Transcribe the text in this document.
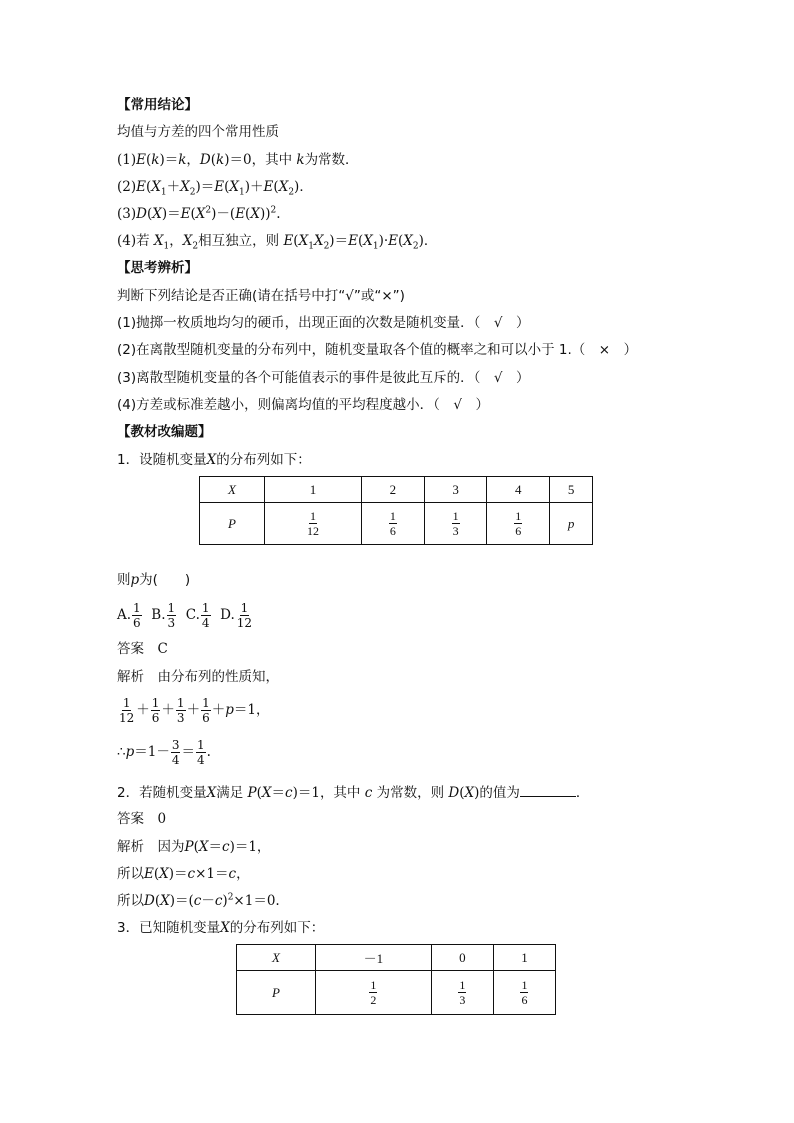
【常用结论】
均值与方差的四个常用性质
(1)E(k)＝k，D(k)＝0，其中 k为常数．
$(2)E(X_1+X_2)=E(X_1)+E(X_2)$．
$(3)D(X)=E(X^2)-(E(X))^2$.
(4)若 $X_1$，$X_2$相互独立，则 $E(X_1X_2)=E(X_1)\cdot E(X_2)$．
【思考辨析】
判断下列结论是否正确(请在括号中打“√”或“×”)
(1)抛掷一枚质地均匀的硬币，出现正面的次数是随机变量．（　√　）
(2)在离散型随机变量的分布列中，随机变量取各个值的概率之和可以小于 1.（　×　）
(3)离散型随机变量的各个可能值表示的事件是彼此互斥的．（　√　）
(4)方差或标准差越小，则偏离均值的平均程度越小．（　√　）
【教材改编题】
1．设随机变量X的分布列如下：
X	1	2	3	4	5
P	$\frac{1}{12}$	$\frac{1}{6}$	$\frac{1}{3}$	$\frac{1}{6}$	p
则p为(　　)
A. $\frac{1}{6} B$. $\frac{1}{3} C$. $\frac{1}{4} D$. $\frac{1}{12}$
答案　 C
解析　 由分布列的性质知，
$\frac{1}{12} + \frac{1}{6} + \frac{1}{3} + \frac{1}{6} +p=1$，
∴p＝1－ $\frac{3}{4} = \frac{1}{4}$ .
2．若随机变量X满足 P(X＝c)＝1，其中 c 为常数，则 D(X)的值为	．
答案　 0
解析　 因为P(X＝c)＝1，
所以E(X)＝c×1＝c，
所以$D(X)=(c-c)^2\times 1=0$.
3．已知随机变量X的分布列如下：
X	－1	0	1
P	$\frac{1}{2}$	$\frac{1}{3}$	$\frac{1}{6}$
